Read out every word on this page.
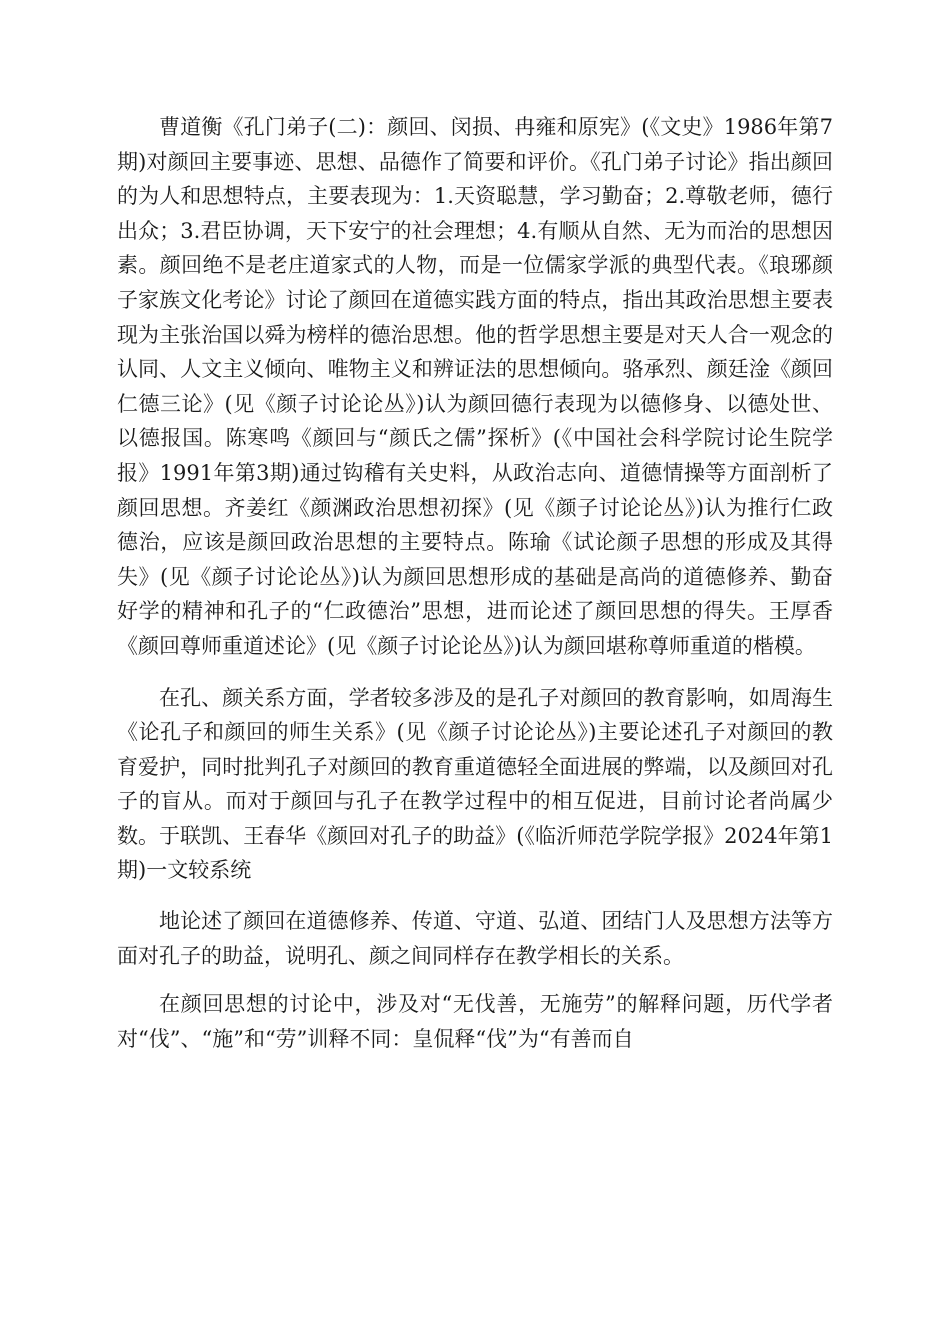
曹道衡《孔门弟子(二)：颜回、闵损、冉雍和原宪》(《文史》1986年第7期)对颜回主要事迹、思想、品德作了简要和评价。《孔门弟子讨论》指出颜回的为人和思想特点，主要表现为：1.天资聪慧，学习勤奋；2.尊敬老师，德行出众；3.君臣协调，天下安宁的社会理想；4.有顺从自然、无为而治的思想因素。颜回绝不是老庄道家式的人物，而是一位儒家学派的典型代表。《琅琊颜子家族文化考论》讨论了颜回在道德实践方面的特点，指出其政治思想主要表现为主张治国以舜为榜样的德治思想。他的哲学思想主要是对天人合一观念的认同、人文主义倾向、唯物主义和辨证法的思想倾向。骆承烈、颜廷淦《颜回仁德三论》(见《颜子讨论论丛》)认为颜回德行表现为以德修身、以德处世、以德报国。陈寒鸣《颜回与“颜氏之儒”探析》(《中国社会科学院讨论生院学报》1991年第3期)通过钩稽有关史料，从政治志向、道德情操等方面剖析了颜回思想。齐姜红《颜渊政治思想初探》(见《颜子讨论论丛》)认为推行仁政德治，应该是颜回政治思想的主要特点。陈瑜《试论颜子思想的形成及其得失》(见《颜子讨论论丛》)认为颜回思想形成的基础是高尚的道德修养、勤奋好学的精神和孔子的“仁政德治”思想，进而论述了颜回思想的得失。王厚香《颜回尊师重道述论》(见《颜子讨论论丛》)认为颜回堪称尊师重道的楷模。

在孔、颜关系方面，学者较多涉及的是孔子对颜回的教育影响，如周海生《论孔子和颜回的师生关系》(见《颜子讨论论丛》)主要论述孔子对颜回的教育爱护，同时批判孔子对颜回的教育重道德轻全面进展的弊端，以及颜回对孔子的盲从。而对于颜回与孔子在教学过程中的相互促进，目前讨论者尚属少数。于联凯、王春华《颜回对孔子的助益》(《临沂师范学院学报》2024年第1期)一文较系统

地论述了颜回在道德修养、传道、守道、弘道、团结门人及思想方法等方面对孔子的助益，说明孔、颜之间同样存在教学相长的关系。

在颜回思想的讨论中，涉及对“无伐善，无施劳”的解释问题，历代学者对“伐”、“施”和“劳”训释不同：皇侃释“伐”为“有善而自
